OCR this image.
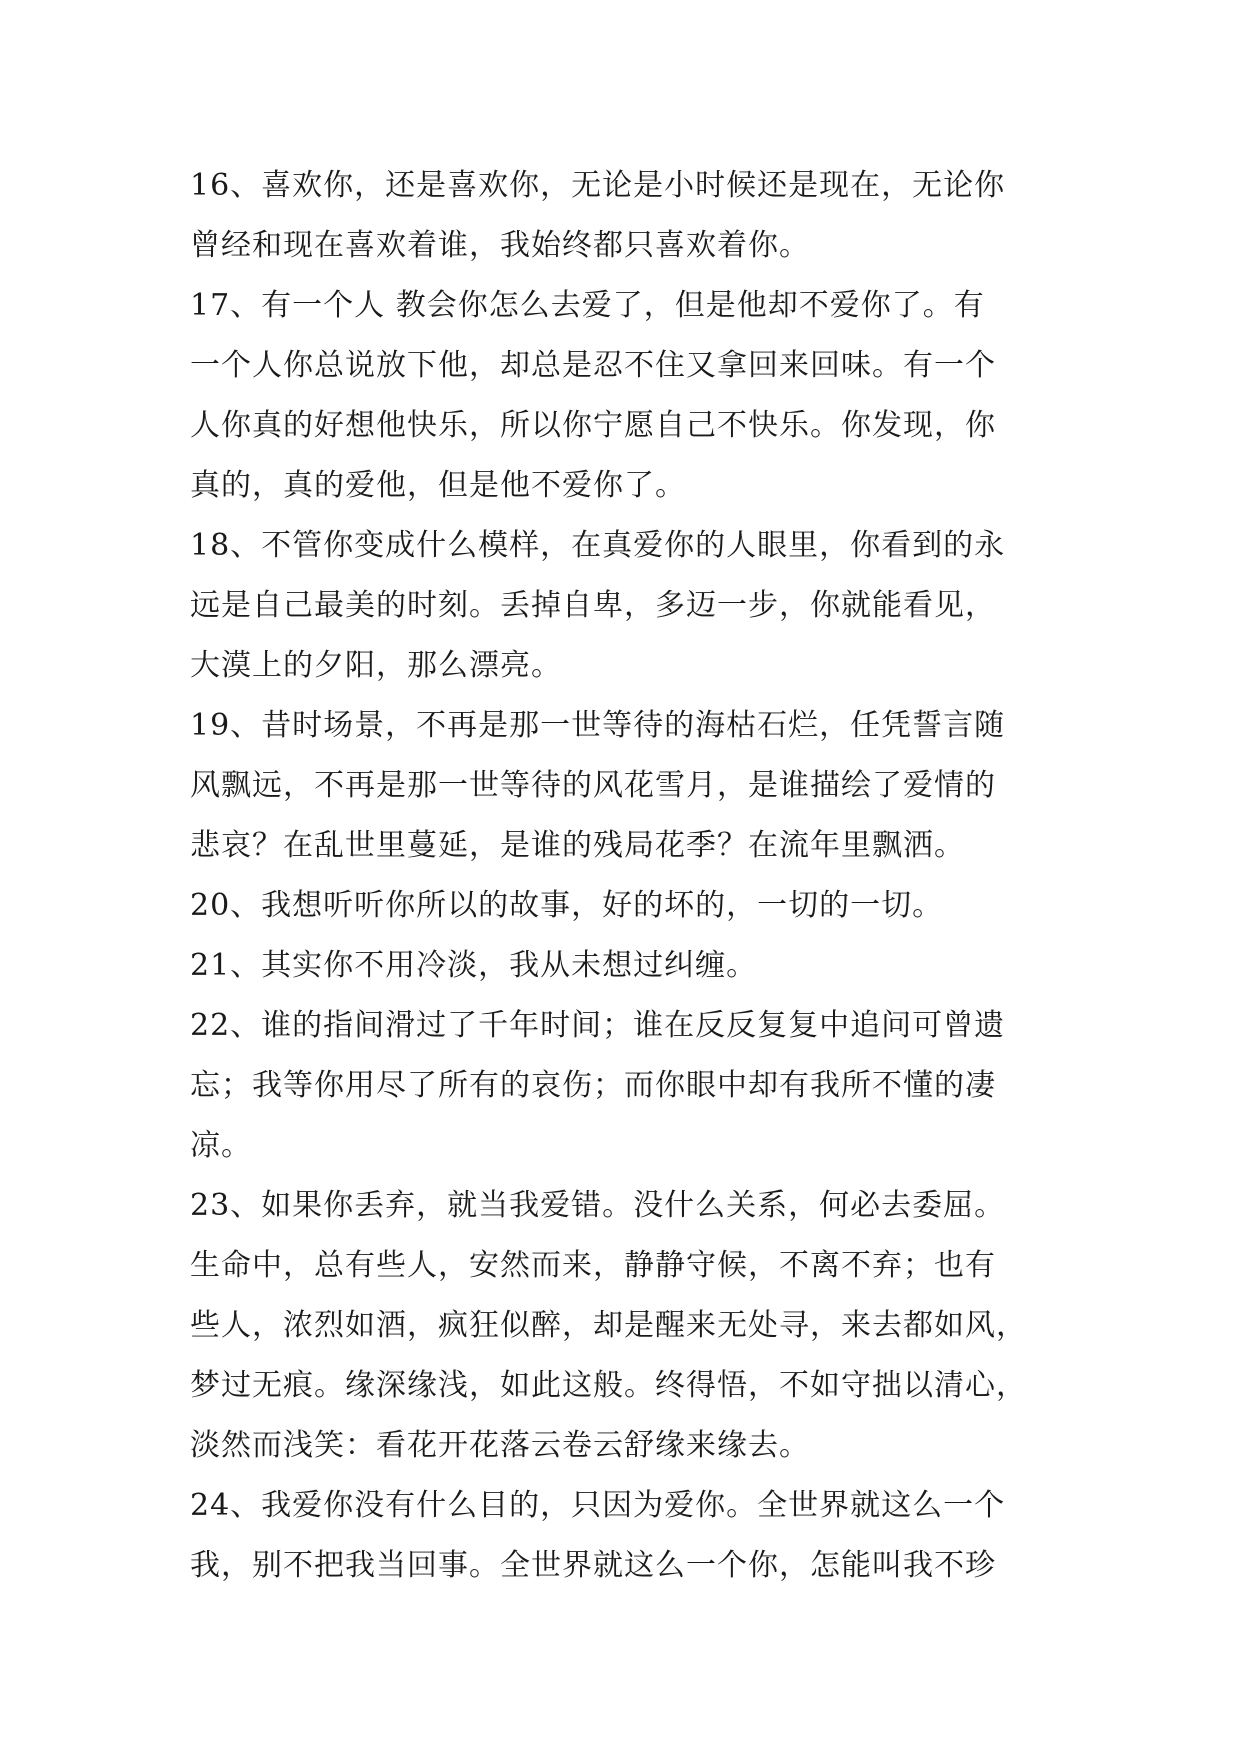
16、喜欢你，还是喜欢你，无论是小时候还是现在，无论你
曾经和现在喜欢着谁，我始终都只喜欢着你。
17、有一个人 教会你怎么去爱了，但是他却不爱你了。有
一个人你总说放下他，却总是忍不住又拿回来回味。有一个
人你真的好想他快乐，所以你宁愿自己不快乐。你发现，你
真的，真的爱他，但是他不爱你了。
18、不管你变成什么模样，在真爱你的人眼里，你看到的永
远是自己最美的时刻。丢掉自卑，多迈一步，你就能看见，
大漠上的夕阳，那么漂亮。
19、昔时场景，不再是那一世等待的海枯石烂，任凭誓言随
风飘远，不再是那一世等待的风花雪月，是谁描绘了爱情的
悲哀？在乱世里蔓延，是谁的残局花季？在流年里飘洒。
20、我想听听你所以的故事，好的坏的，一切的一切。
21、其实你不用冷淡，我从未想过纠缠。
22、谁的指间滑过了千年时间；谁在反反复复中追问可曾遗
忘；我等你用尽了所有的哀伤；而你眼中却有我所不懂的凄
凉。
23、如果你丢弃，就当我爱错。没什么关系，何必去委屈。
生命中，总有些人，安然而来，静静守候，不离不弃；也有
些人，浓烈如酒，疯狂似醉，却是醒来无处寻，来去都如风，
梦过无痕。缘深缘浅，如此这般。终得悟，不如守拙以清心，
淡然而浅笑：看花开花落云卷云舒缘来缘去。
24、我爱你没有什么目的，只因为爱你。全世界就这么一个
我，别不把我当回事。全世界就这么一个你，怎能叫我不珍
